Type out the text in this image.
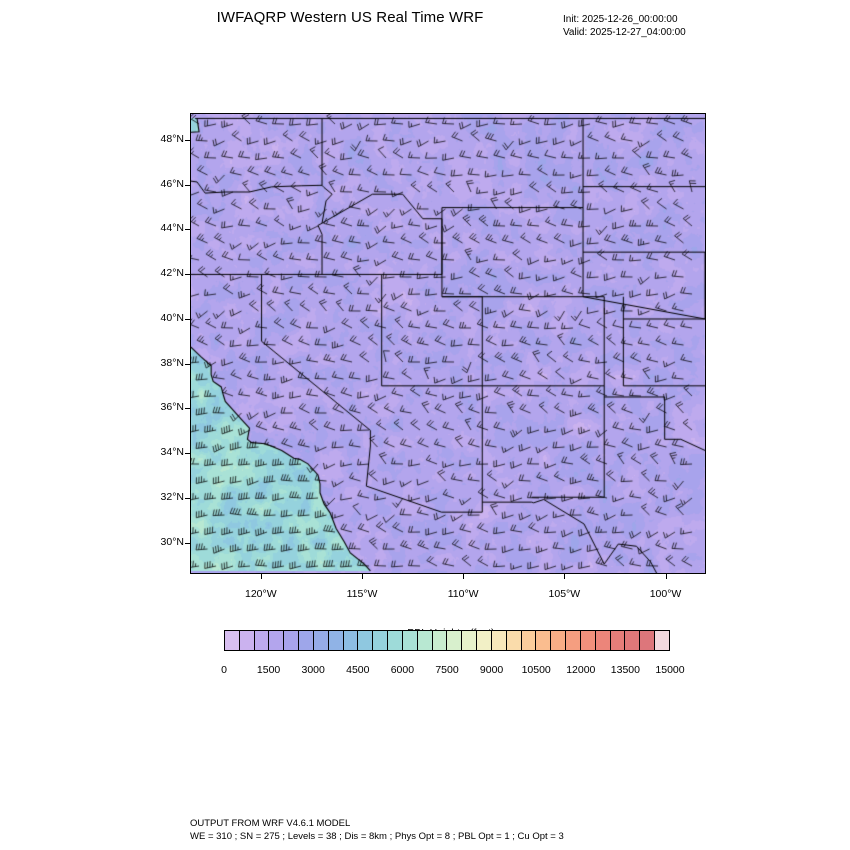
IWFAQRP Western US Real Time WRF	Init: 2025-12-26_00:00:00
Valid: 2025-12-27_04:00:00

48°N
46°N
44°N
42°N
40°N
38°N
36°N
34°N
32°N
30°N
120°W	115°W	110°W	105°W	100°W

0	1500	3000	4500	6000	7500	9000	10500	12000	13500	15000
OUTPUT FROM WRF V4.6.1 MODEL
WE = 310 ; SN = 275 ; Levels = 38 ; Dis = 8km ; Phys Opt = 8 ; PBL Opt = 1 ; Cu Opt = 3
